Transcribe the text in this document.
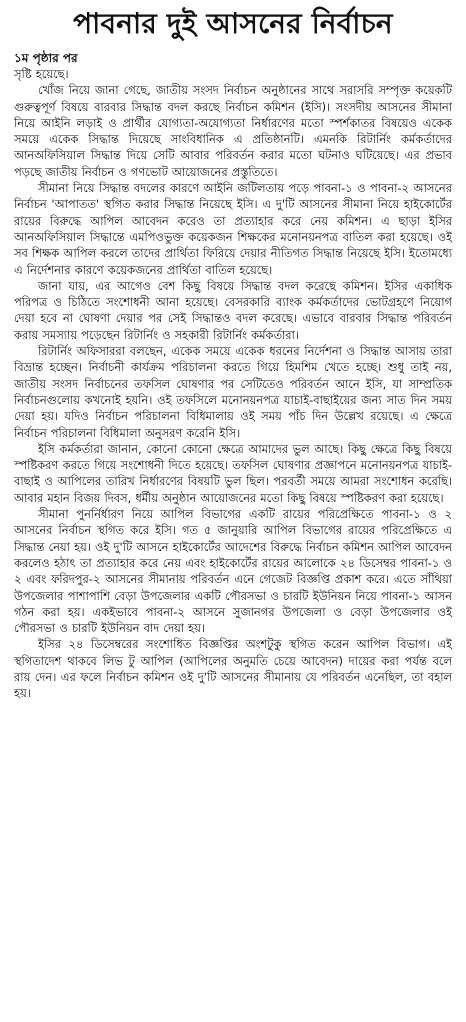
পাবনার দুই আসনের নির্বাচন
১ম পৃষ্ঠার পর

সৃষ্টি হয়েছে।

খোঁজ নিয়ে জানা গেছে, জাতীয় সংসদ নির্বাচন অনুষ্ঠানের সাথে সরাসরি সম্পৃক্ত কয়েকটি গুরুত্বপূর্ণ বিষয়ে বারবার সিদ্ধান্ত বদল করছে নির্বাচন কমিশন (ইসি)। সংসদীয় আসনের সীমানা নিয়ে আইনি লড়াই ও প্রার্থীর যোগ্যতা-অযোগ্যতা নির্ধারণের মতো স্পর্শকাতর বিষয়েও একেক সময়ে একেক সিদ্ধান্ত দিয়েছে সাংবিধানিক এ প্রতিষ্ঠানটি। এমনকি রিটার্নিং কর্মকর্তাদের আনঅফিসিয়াল সিদ্ধান্ত দিয়ে সেটি আবার পরিবর্তন করার মতো ঘটনাও ঘটিয়েছে। এর প্রভাব পড়ছে জাতীয় নির্বাচন ও গণভোট আয়োজনের প্রস্তুতিতে।

সীমানা নিয়ে সিদ্ধান্ত বদলের কারণে আইনি জটিলতায় পড়ে পাবনা-১ ও পাবনা-২ আসনের নির্বাচন 'আপাতত' স্থগিত করার সিদ্ধান্ত নিয়েছে ইসি। এ দু'টি আসনের সীমানা নিয়ে হাইকোর্টের রায়ের বিরুদ্ধে আপিল আবেদন করেও তা প্রত্যাহার করে নেয় কমিশন। এ ছাড়া ইসির আনঅফিসিয়াল সিদ্ধান্তে এমপিওভুক্ত কয়েকজন শিক্ষকের মনোনয়নপত্র বাতিল করা হয়েছে। ওই সব শিক্ষক আপিল করলে তাদের প্রার্থিতা ফিরিয়ে দেয়ার নীতিগত সিদ্ধান্ত নিয়েছে ইসি। ইতোমধ্যে এ নির্দেশনার কারণে কয়েকজনের প্রার্থিতা বাতিল হয়েছে।

জানা যায়, এর আগেও বেশ কিছু বিষয়ে সিদ্ধান্ত বদল করেছে কমিশন। ইসির একাধিক পরিপত্র ও চিঠিতে সংশোধনী আনা হয়েছে। বেসরকারি ব্যাংক কর্মকর্তাদের ভোটগ্রহণে নিয়োগ দেয়া হবে না ঘোষণা দেয়ার পর সেই সিদ্ধান্তও বদল করেছে। এভাবে বারবার সিদ্ধান্ত পরিবর্তন করায় সমস্যায় পড়েছেন রিটার্নিং ও সহকারী রিটার্নিং কর্মকর্তারা।

রিটার্নিং অফিসাররা বলছেন, একেক সময়ে একেক ধরনের নির্দেশনা ও সিদ্ধান্ত আসায় তারা বিভ্রান্ত হচ্ছেন। নির্বাচনী কার্যক্রম পরিচালনা করতে গিয়ে হিমশিম খেতে হচ্ছে। শুধু তাই নয়, জাতীয় সংসদ নির্বাচনের তফসিল ঘোষণার পর সেটিতেও পরিবর্তন আনে ইসি, যা সাম্প্রতিক নির্বাচনগুলোয় কখনোই হয়নি। ওই তফসিলে মনোনয়নপত্র যাচাই-বাছাইয়ের জন্য সাত দিন সময় দেয়া হয়। যদিও নির্বাচন পরিচালনা বিধিমালায় ওই সময় পাঁচ দিন উল্লেখ রয়েছে। এ ক্ষেত্রে নির্বাচন পরিচালনা বিধিমালা অনুসরণ করেনি ইসি।

ইসি কর্মকর্তারা জানান, কোনো কোনো ক্ষেত্রে আমাদের ভুল আছে। কিছু ক্ষেত্রে কিছু বিষয়ে স্পষ্টিকরণ করতে গিয়ে সংশোধনী দিতে হয়েছে। তফসিল ঘোষণার প্রজ্ঞাপনে মনোনয়নপত্র যাচাই-বাছাই ও আপিলের তারিখ নির্ধারণের বিষয়টি ভুল ছিল। পরবর্তী সময়ে আমরা সংশোধন করেছি। আবার মহান বিজয় দিবস, ধর্মীয় অনুষ্ঠান আয়োজনের মতো কিছু বিষয়ে স্পষ্টিকরণ করা হয়েছে।

সীমানা পুনর্নির্ধারণ নিয়ে আপিল বিভাগের একটি রায়ের পরিপ্রেক্ষিতে পাবনা-১ ও ২ আসনের নির্বাচন স্থগিত করে ইসি। গত ৫ জানুয়ারি আপিল বিভাগের রায়ের পরিপ্রেক্ষিতে এ সিদ্ধান্ত নেয়া হয়। ওই দু'টি আসনে হাইকোর্টের আদেশের বিরুদ্ধে নির্বাচন কমিশন আপিল আবেদন করলেও হঠাৎ তা প্রত্যাহার করে নেয় এবং হাইকোর্টের রায়ের আলোকে ২৪ ডিসেম্বর পাবনা-১ ও ২ এবং ফরিদপুর-২ আসনের সীমানায় পরিবর্তন এনে গেজেট বিজ্ঞপ্তি প্রকাশ করে। এতে সাঁথিয়া উপজেলার পাশাপাশি বেড়া উপজেলার একটি পৌরসভা ও চারটি ইউনিয়ন নিয়ে পাবনা-১ আসন গঠন করা হয়। একইভাবে পাবনা-২ আসনে সুজানগর উপজেলা ও বেড়া উপজেলার ওই পৌরসভা ও চারটি ইউনিয়ন বাদ দেয়া হয়।

ইসির ২৪ ডিসেম্বরের সংশোধিত বিজ্ঞপ্তির অংশটুকু স্থগিত করেন আপিল বিভাগ। এই স্থগিতাদেশ থাকবে লিভ টু আপিল (আপিলের অনুমতি চেয়ে আবেদন) দায়ের করা পর্যন্ত বলে রায় দেন। এর ফলে নির্বাচন কমিশন ওই দু'টি আসনের সীমানায় যে পরিবর্তন এনেছিল, তা বহাল হয়।
